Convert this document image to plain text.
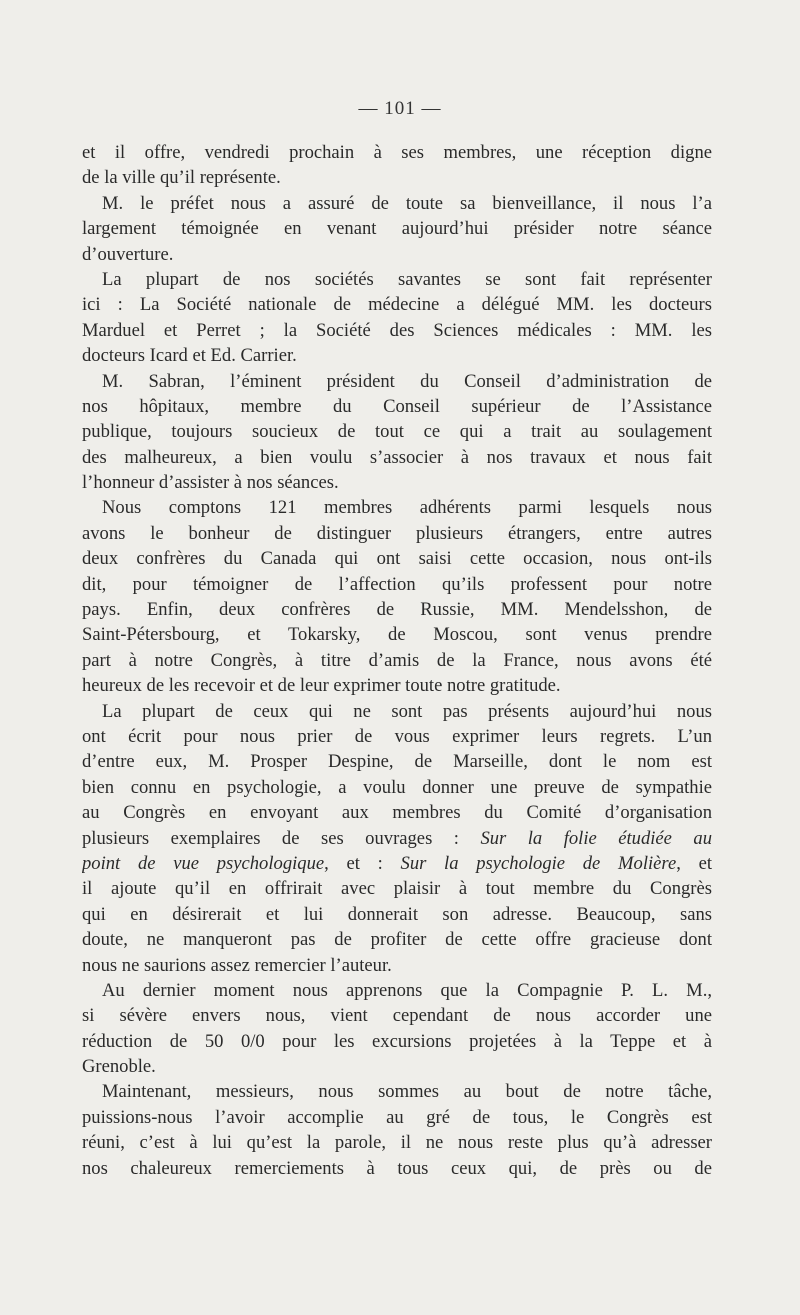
— 101 —
et il offre, vendredi prochain à ses membres, une réception digne
de la ville qu’il représente.
M. le préfet nous a assuré de toute sa bienveillance, il nous l’a
largement témoignée en venant aujourd’hui présider notre séance
d’ouverture.
La plupart de nos sociétés savantes se sont fait représenter
ici : La Société nationale de médecine a délégué MM. les docteurs
Marduel et Perret ; la Société des Sciences médicales : MM. les
docteurs Icard et Ed. Carrier.
M. Sabran, l’éminent président du Conseil d’administration de
nos hôpitaux, membre du Conseil supérieur de l’Assistance
publique, toujours soucieux de tout ce qui a trait au soulagement
des malheureux, a bien voulu s’associer à nos travaux et nous fait
l’honneur d’assister à nos séances.
Nous comptons 121 membres adhérents parmi lesquels nous
avons le bonheur de distinguer plusieurs étrangers, entre autres
deux confrères du Canada qui ont saisi cette occasion, nous ont-ils
dit, pour témoigner de l’affection qu’ils professent pour notre
pays. Enfin, deux confrères de Russie, MM. Mendelsshon, de
Saint-Pétersbourg, et Tokarsky, de Moscou, sont venus prendre
part à notre Congrès, à titre d’amis de la France, nous avons été
heureux de les recevoir et de leur exprimer toute notre gratitude.
La plupart de ceux qui ne sont pas présents aujourd’hui nous
ont écrit pour nous prier de vous exprimer leurs regrets. L’un
d’entre eux, M. Prosper Despine, de Marseille, dont le nom est
bien connu en psychologie, a voulu donner une preuve de sympathie
au Congrès en envoyant aux membres du Comité d’organisation
plusieurs exemplaires de ses ouvrages : Sur la folie étudiée au
point de vue psychologique, et : Sur la psychologie de Molière, et
il ajoute qu’il en offrirait avec plaisir à tout membre du Congrès
qui en désirerait et lui donnerait son adresse. Beaucoup, sans
doute, ne manqueront pas de profiter de cette offre gracieuse dont
nous ne saurions assez remercier l’auteur.
Au dernier moment nous apprenons que la Compagnie P. L. M.,
si sévère envers nous, vient cependant de nous accorder une
réduction de 50 0/0 pour les excursions projetées à la Teppe et à
Grenoble.
Maintenant, messieurs, nous sommes au bout de notre tâche,
puissions-nous l’avoir accomplie au gré de tous, le Congrès est
réuni, c’est à lui qu’est la parole, il ne nous reste plus qu’à adresser
nos chaleureux remerciements à tous ceux qui, de près ou de
